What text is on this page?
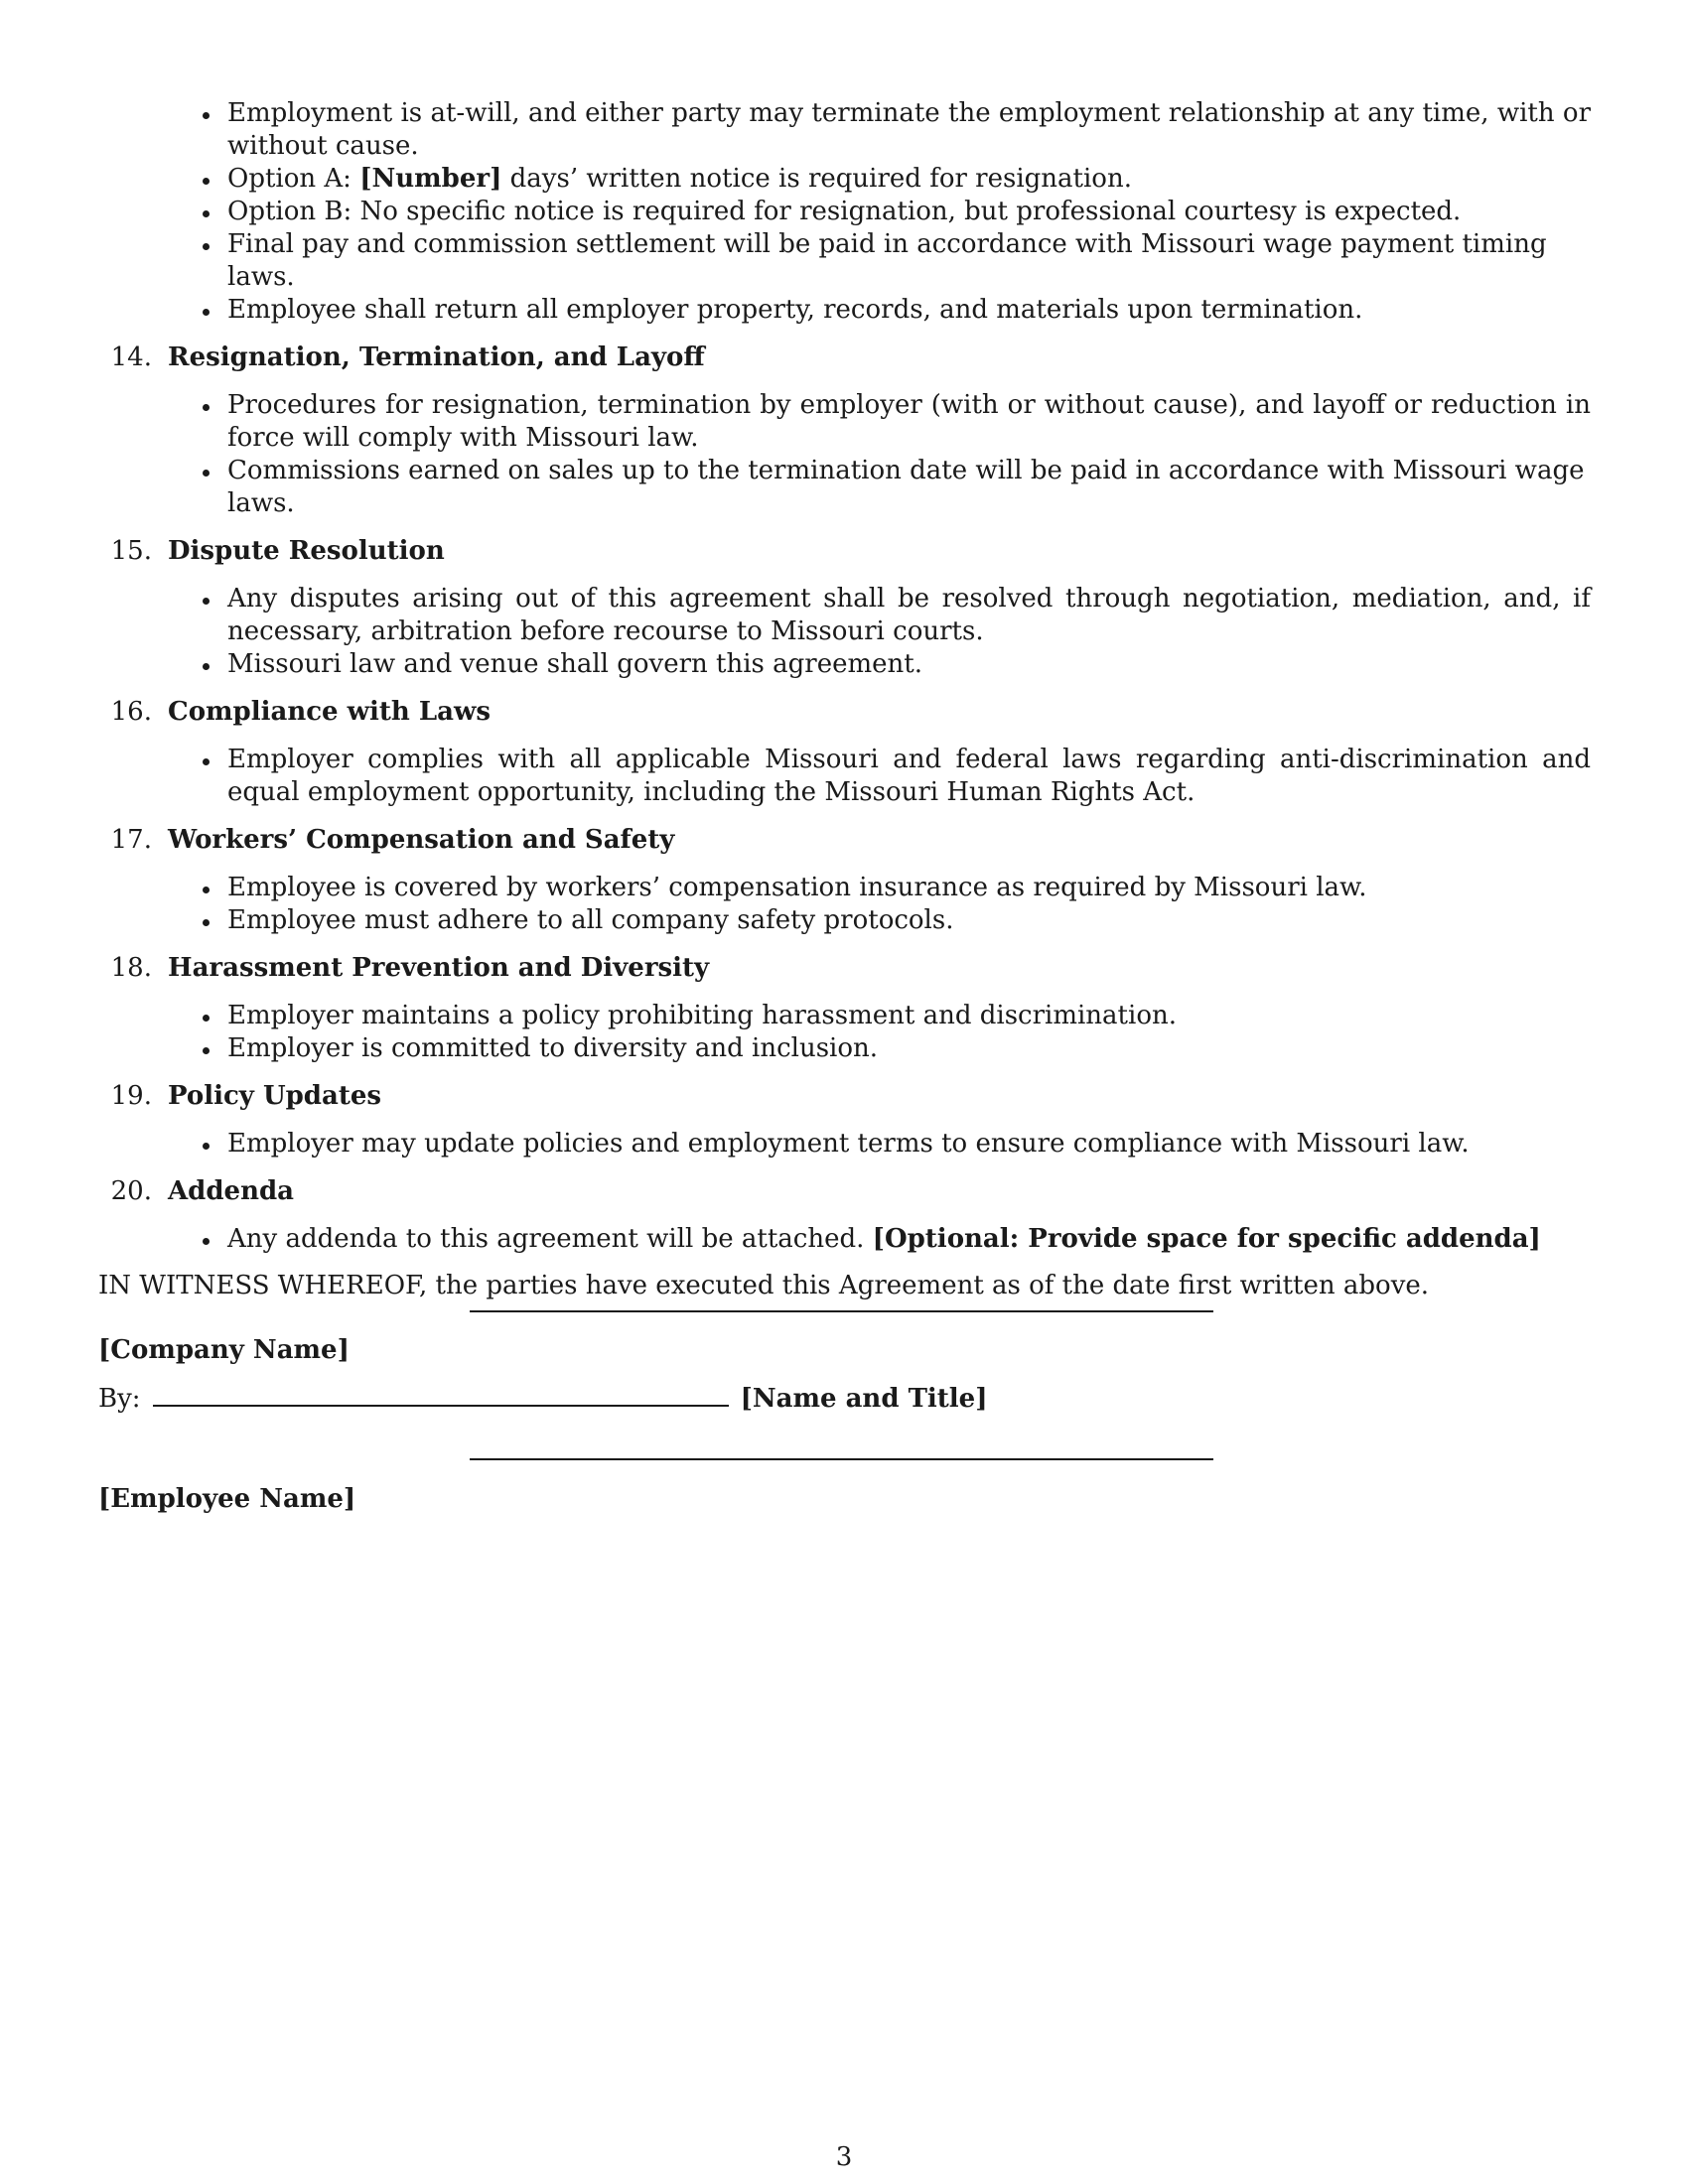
Employment is at-will, and either party may terminate the employment relationship at any time, with or without cause.
Option A: [Number] days’ written notice is required for resignation.
Option B: No specific notice is required for resignation, but professional courtesy is expected.
Final pay and commission settlement will be paid in accordance with Missouri wage payment timing laws.
Employee shall return all employer property, records, and materials upon termination.
14. Resignation, Termination, and Layoff
Procedures for resignation, termination by employer (with or without cause), and layoff or reduction in force will comply with Missouri law.
Commissions earned on sales up to the termination date will be paid in accordance with Missouri wage laws.
15. Dispute Resolution
Any disputes arising out of this agreement shall be resolved through negotiation, mediation, and, if necessary, arbitration before recourse to Missouri courts.
Missouri law and venue shall govern this agreement.
16. Compliance with Laws
Employer complies with all applicable Missouri and federal laws regarding anti-discrimination and equal employment opportunity, including the Missouri Human Rights Act.
17. Workers’ Compensation and Safety
Employee is covered by workers’ compensation insurance as required by Missouri law.
Employee must adhere to all company safety protocols.
18. Harassment Prevention and Diversity
Employer maintains a policy prohibiting harassment and discrimination.
Employer is committed to diversity and inclusion.
19. Policy Updates
Employer may update policies and employment terms to ensure compliance with Missouri law.
20. Addenda
Any addenda to this agreement will be attached. [Optional: Provide space for specific addenda]
IN WITNESS WHEREOF, the parties have executed this Agreement as of the date first written above.
[Company Name]
By:	[Name and Title]
[Employee Name]
3
